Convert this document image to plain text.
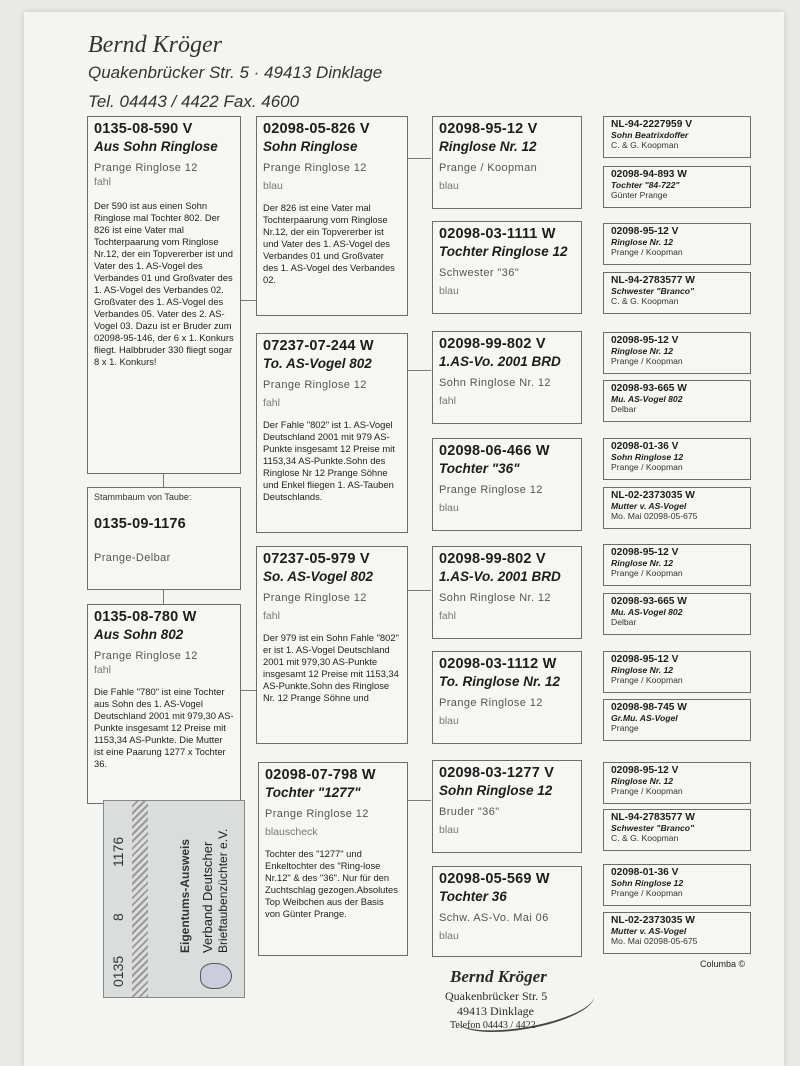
Bernd Kröger
Quakenbrücker Str. 5 · 49413 Dinklage
Tel. 04443 / 4422 Fax. 4600
0135-08-590 V
Aus Sohn Ringlose
Prange Ringlose 12
fahl
Der 590 ist aus einen Sohn Ringlose mal Tochter 802. Der 826 ist eine Vater mal Tochterpaarung vom Ringlose Nr.12, der ein Topvererber ist und Vater des 1. AS-Vogel des Verbandes 01 und Großvater des 1. AS-Vogel des Verbandes 02. Großvater des 1. AS-Vogel des Verbandes 05. Vater des 2. AS-Vogel 03. Dazu ist er Bruder zum 02098-95-146, der 6 x 1. Konkurs fliegt. Halbbruder 330 fliegt sogar 8 x 1. Konkurs!
Stammbaum von Taube:
0135-09-1176
Prange-Delbar
0135-08-780 W
Aus Sohn 802
Prange Ringlose 12
fahl
Die Fahle "780" ist eine Tochter aus Sohn des 1. AS-Vogel Deutschland 2001 mit 979,30 AS-Punkte insgesamt 12 Preise mit 1153,34 AS-Punkte. Die Mutter ist eine Paarung 1277 x Tochter 36.
Verband Deutscher Brieftaubenzüchter e.V.
Eigentums-Ausweis
0135
8
1176
02098-05-826 V
Sohn Ringlose
Prange Ringlose 12
blau
Der 826 ist eine Vater mal Tochterpaarung vom Ringlose Nr.12, der ein Topvererber ist und Vater des 1. AS-Vogel des Verbandes 01 und Großvater des 1. AS-Vogel des Verbandes 02.
07237-07-244 W
To. AS-Vogel 802
Prange Ringlose 12
fahl
Der Fahle "802" ist 1. AS-Vogel Deutschland 2001 mit 979 AS-Punkte insgesamt 12 Preise mit 1153,34 AS-Punkte.Sohn des Ringlose Nr 12 Prange Söhne und Enkel fliegen 1. AS-Tauben Deutschlands.
07237-05-979 V
So. AS-Vogel 802
Prange Ringlose 12
fahl
Der 979 ist ein Sohn Fahle "802" er ist 1. AS-Vogel Deutschland 2001 mit 979,30 AS-Punkte insgesamt 12 Preise mit 1153,34 AS-Punkte.Sohn des Ringlose Nr. 12 Prange Söhne und
02098-07-798 W
Tochter "1277"
Prange Ringlose 12
blauscheck
Tochter des "1277" und Enkeltochter des "Ring-lose Nr.12" & des "36". Nur für den Zuchtschlag gezogen.Absolutes Top Weibchen aus der Basis von Günter Prange.
02098-95-12 V
Ringlose Nr. 12
Prange / Koopman
blau
02098-03-1111 W
Tochter Ringlose 12
Schwester "36"
blau
02098-99-802 V
1.AS-Vo. 2001 BRD
Sohn Ringlose Nr. 12
fahl
02098-06-466 W
Tochter "36"
Prange Ringlose 12
blau
02098-99-802 V
1.AS-Vo. 2001 BRD
Sohn Ringlose Nr. 12
fahl
02098-03-1112 W
To. Ringlose Nr. 12
Prange Ringlose 12
blau
02098-03-1277 V
Sohn Ringlose 12
Bruder "36"
blau
02098-05-569 W
Tochter 36
Schw. AS-Vo. Mai 06
blau
NL-94-2227959 V
Sohn Beatrixdoffer
C. & G. Koopman
02098-94-893 W
Tochter "84-722"
Günter Prange
02098-95-12 V
Ringlose Nr. 12
Prange / Koopman
NL-94-2783577 W
Schwester "Branco"
C. & G. Koopman
02098-95-12 V
Ringlose Nr. 12
Prange / Koopman
02098-93-665 W
Mu. AS-Vogel 802
Delbar
02098-01-36 V
Sohn Ringlose 12
Prange / Koopman
NL-02-2373035 W
Mutter v. AS-Vogel
Mo. Mai 02098-05-675
02098-95-12 V
Ringlose Nr. 12
Prange / Koopman
02098-93-665 W
Mu. AS-Vogel 802
Delbar
02098-95-12 V
Ringlose Nr. 12
Prange / Koopman
02098-98-745 W
Gr.Mu. AS-Vogel
Prange
02098-95-12 V
Ringlose Nr. 12
Prange / Koopman
NL-94-2783577 W
Schwester "Branco"
C. & G. Koopman
02098-01-36 V
Sohn Ringlose 12
Prange / Koopman
NL-02-2373035 W
Mutter v. AS-Vogel
Mo. Mai 02098-05-675
Columba ©
Bernd Kröger
Quakenbrücker Str. 5
49413 Dinklage
Telefon 04443 / 4422
